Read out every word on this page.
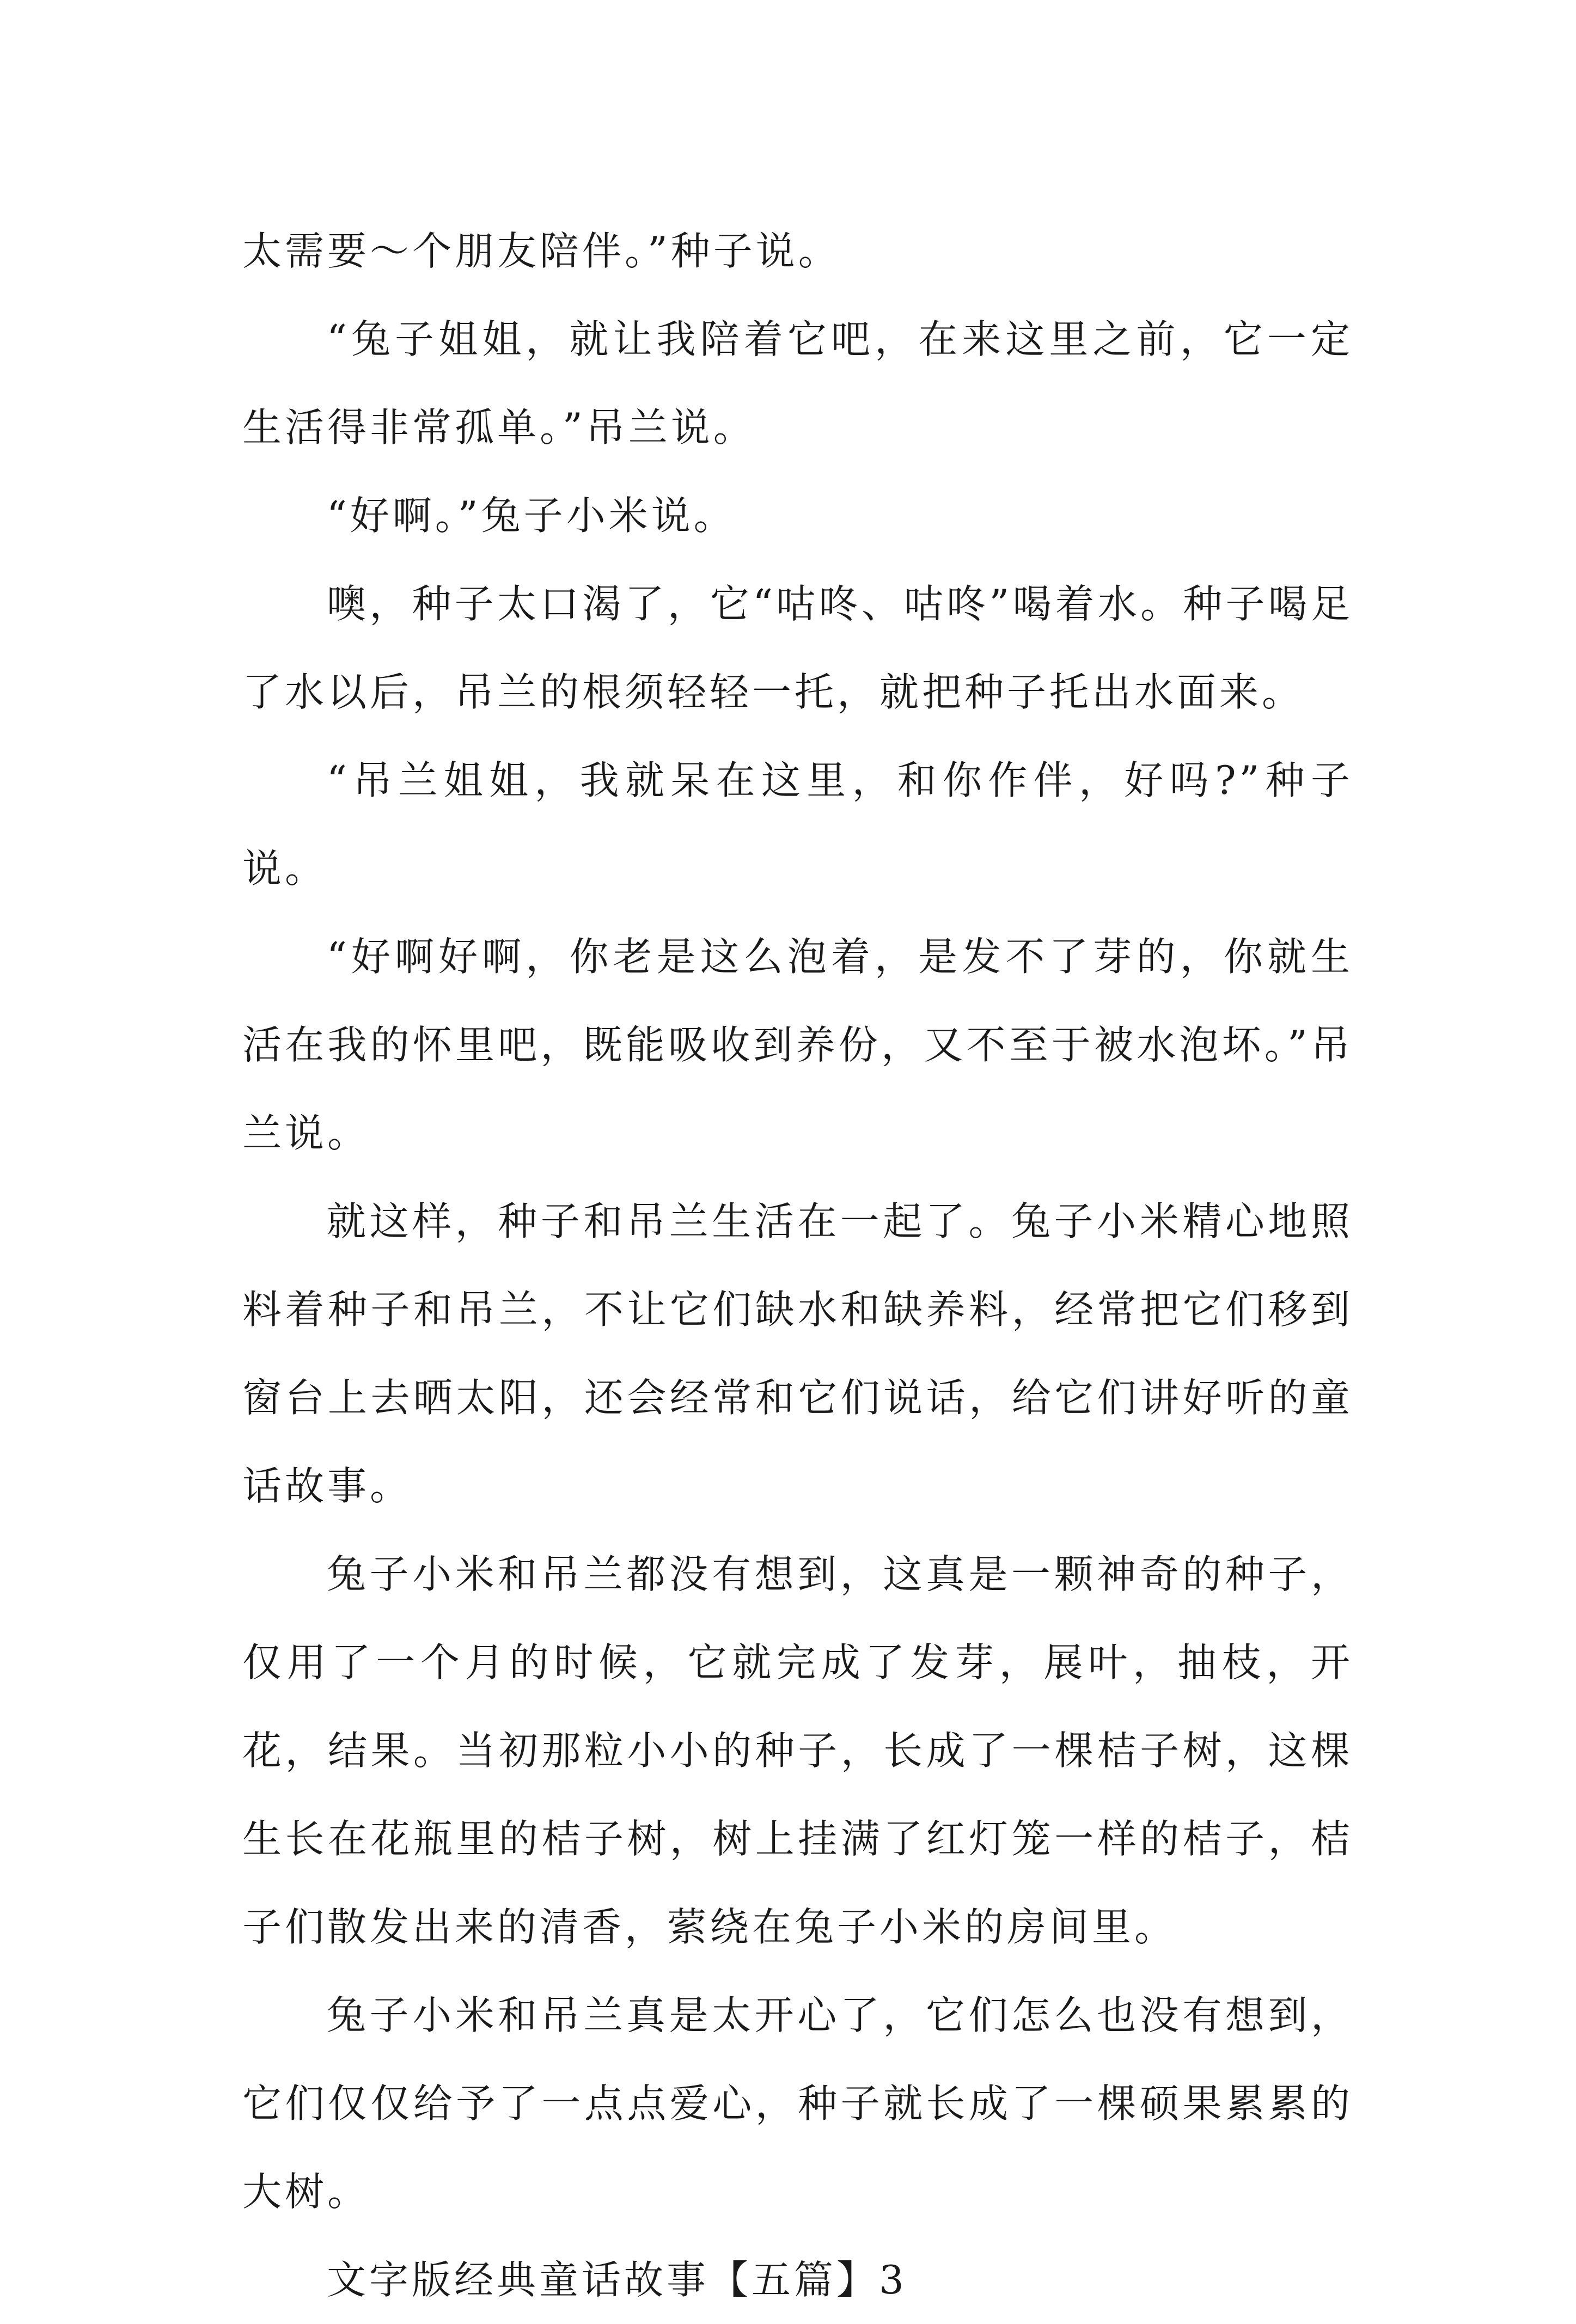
太需要～个朋友陪伴。”种子说。

“兔子姐姐，就让我陪着它吧，在来这里之前，它一定生活得非常孤单。”吊兰说。

“好啊。”兔子小米说。

噢，种子太口渴了，它“咕咚、咕咚”喝着水。种子喝足了水以后，吊兰的根须轻轻一托，就把种子托出水面来。

“吊兰姐姐，我就呆在这里，和你作伴，好吗?”种子说。

“好啊好啊，你老是这么泡着，是发不了芽的，你就生活在我的怀里吧，既能吸收到养份，又不至于被水泡坏。”吊兰说。

就这样，种子和吊兰生活在一起了。兔子小米精心地照料着种子和吊兰，不让它们缺水和缺养料，经常把它们移到窗台上去晒太阳，还会经常和它们说话，给它们讲好听的童话故事。

兔子小米和吊兰都没有想到，这真是一颗神奇的种子，仅用了一个月的时候，它就完成了发芽，展叶，抽枝，开花，结果。当初那粒小小的种子，长成了一棵桔子树，这棵生长在花瓶里的桔子树，树上挂满了红灯笼一样的桔子，桔子们散发出来的清香，萦绕在兔子小米的房间里。

兔子小米和吊兰真是太开心了，它们怎么也没有想到，它们仅仅给予了一点点爱心，种子就长成了一棵硕果累累的大树。

文字版经典童话故事【五篇】3
